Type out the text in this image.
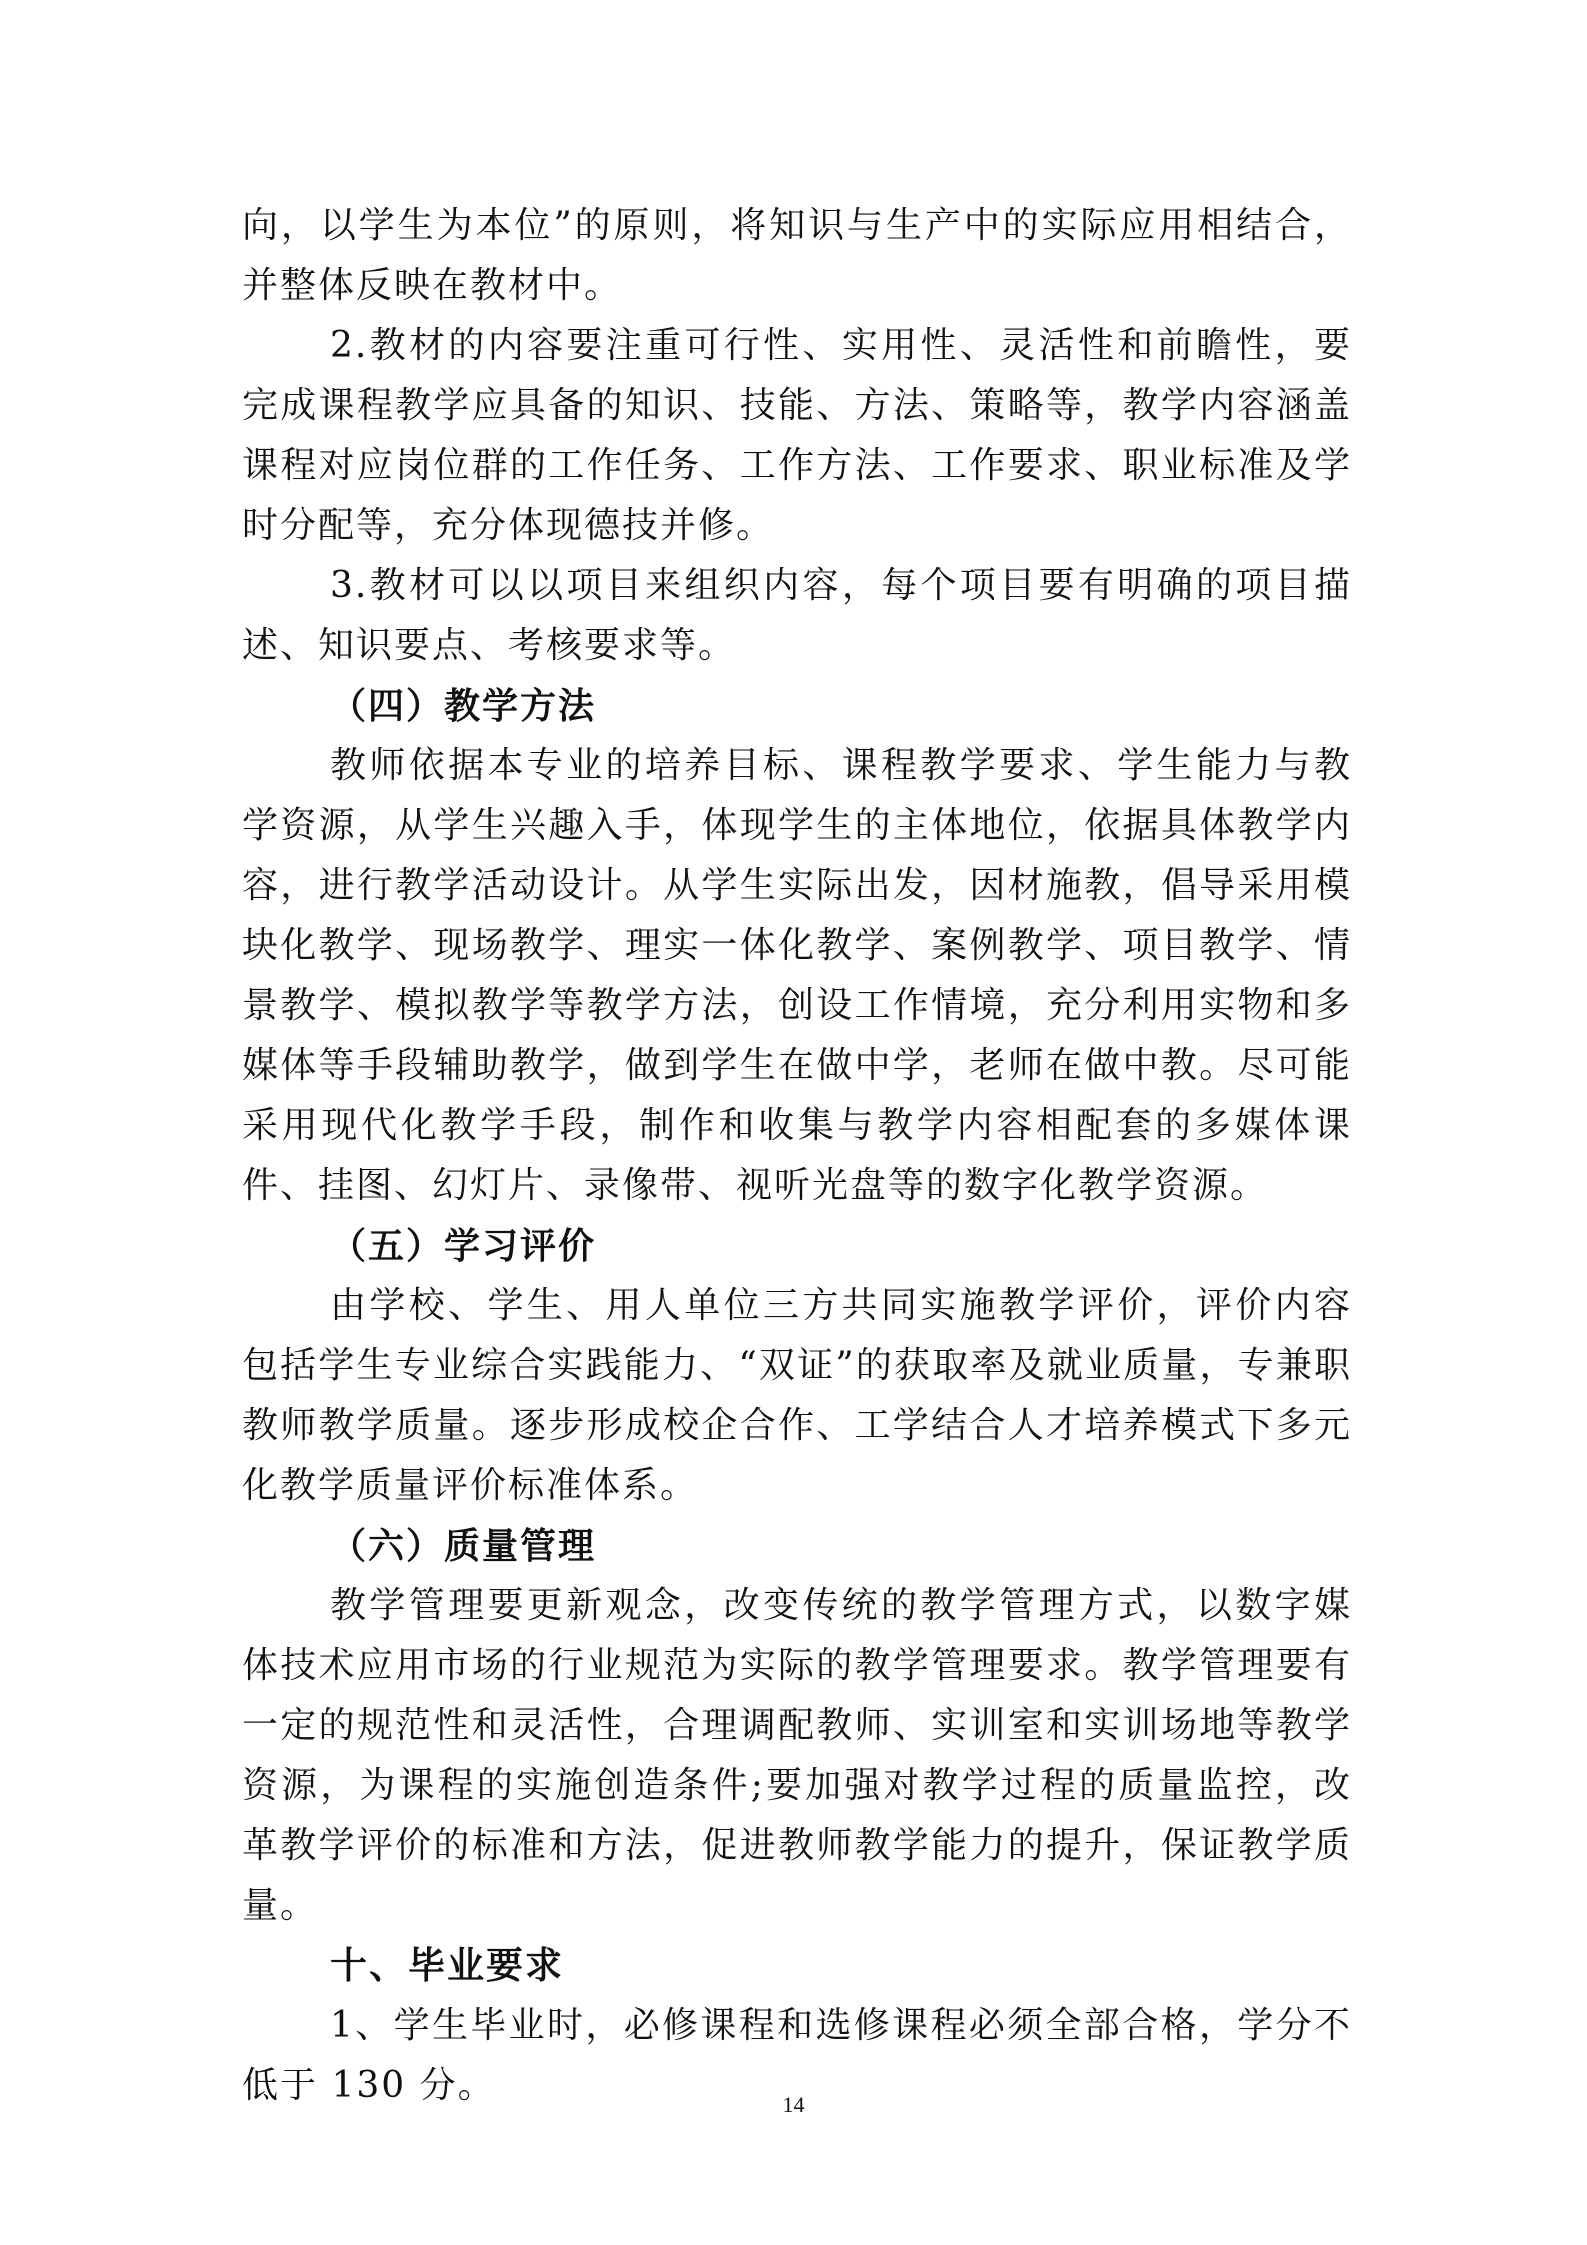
向，以学生为本位”的原则，将知识与生产中的实际应用相结合，并整体反映在教材中。

2.教材的内容要注重可行性、实用性、灵活性和前瞻性，要完成课程教学应具备的知识、技能、方法、策略等，教学内容涵盖课程对应岗位群的工作任务、工作方法、工作要求、职业标准及学时分配等，充分体现德技并修。

3.教材可以以项目来组织内容，每个项目要有明确的项目描述、知识要点、考核要求等。

（四）教学方法

教师依据本专业的培养目标、课程教学要求、学生能力与教学资源，从学生兴趣入手，体现学生的主体地位，依据具体教学内容，进行教学活动设计。从学生实际出发，因材施教，倡导采用模块化教学、现场教学、理实一体化教学、案例教学、项目教学、情景教学、模拟教学等教学方法，创设工作情境，充分利用实物和多媒体等手段辅助教学，做到学生在做中学，老师在做中教。尽可能采用现代化教学手段，制作和收集与教学内容相配套的多媒体课件、挂图、幻灯片、录像带、视听光盘等的数字化教学资源。

（五）学习评价

由学校、学生、用人单位三方共同实施教学评价，评价内容包括学生专业综合实践能力、“双证”的获取率及就业质量，专兼职教师教学质量。逐步形成校企合作、工学结合人才培养模式下多元化教学质量评价标准体系。

（六）质量管理

教学管理要更新观念，改变传统的教学管理方式，以数字媒体技术应用市场的行业规范为实际的教学管理要求。教学管理要有一定的规范性和灵活性，合理调配教师、实训室和实训场地等教学资源，为课程的实施创造条件;要加强对教学过程的质量监控，改革教学评价的标准和方法，促进教师教学能力的提升，保证教学质量。

十、毕业要求

1、学生毕业时，必修课程和选修课程必须全部合格，学分不低于 130 分。	14
